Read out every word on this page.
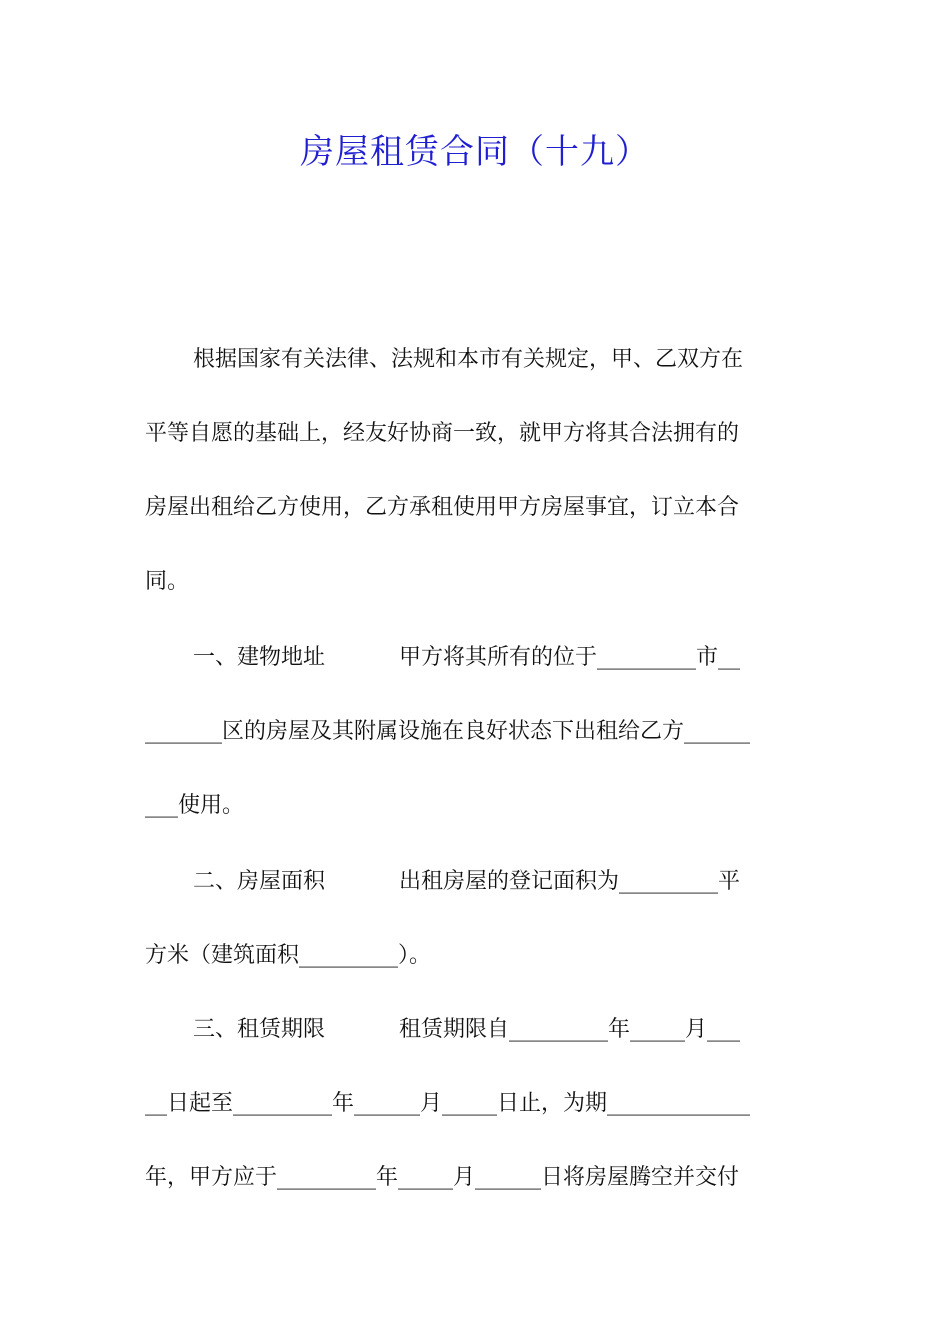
房屋租赁合同（十九）
根据国家有关法律、法规和本市有关规定，甲、乙双方在
平等自愿的基础上，经友好协商一致，就甲方将其合法拥有的
房屋出租给乙方使用，乙方承租使用甲方房屋事宜，订立本合
同。
一、建物地址	甲方将其所有的位于_________市__
_______区的房屋及其附属设施在良好状态下出租给乙方______
___使用。
二、房屋面积	出租房屋的登记面积为_________平
方米（建筑面积_________）。
三、租赁期限	租赁期限自_________年_____月___
__日起至_________年______月_____日止，为期_____________
年，甲方应于_________年_____月______日将房屋腾空并交付
